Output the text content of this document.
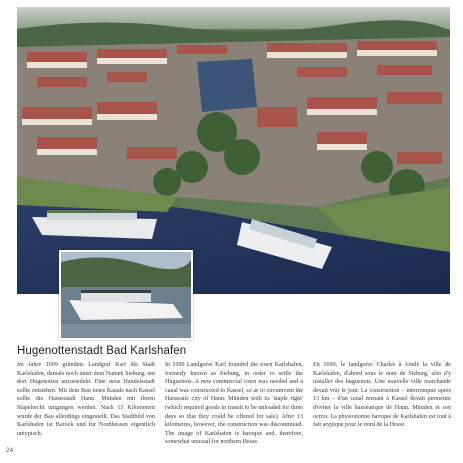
Hugenottenstadt Bad Karlshafen

Im Jahre 1699 gründete Landgraf Karl die Stadt Karlshafen, damals noch unter dem Namen Sieburg, um dort Hugenotten anzusiedeln. Eine neue Handelsstadt sollte entstehen. Mit dem Bau eines Kanals nach Kassel sollte die Hansestadt Hann. Münden mit ihrem Stapelrecht umgangen werden. Nach 13 Kilometern wurde der Bau allerdings eingestellt. Das Stadtbild von Karlshafen ist Barock und für Nordhessen eigentlich untypisch.

In 1699 Landgrave Karl founded the town Karlshafen, formerly known as Sieburg, in order to settle the Huguenots. A new commercial town was needed and a canal was constructed to Kassel, so as to circumvent the Hanseatic city of Hann. Münden with its 'staple right' (which required goods in transit to be unloaded for three days so that they could be offered for sale). After 13 kilometres, however, the construction was discontinued. The image of Karlshafen is baroque and, therefore, somewhat unusual for northern Hesse.

En 1699, le landgrave Charles à fondé la ville de Karlshafen, d'abord sous le nom de Sieburg, afin d'y installer des huguenots. Une nouvelle ville marchande devait voir le jour. La construction – interrompue après 13 km – d'un canal menant à Kassel devait permettre d'éviter la ville hanséatique de Hann. Münden et son octroi. La physionomie baroque de Karlshafen est tout à fait atypique pour le nord de la Hesse.

24
